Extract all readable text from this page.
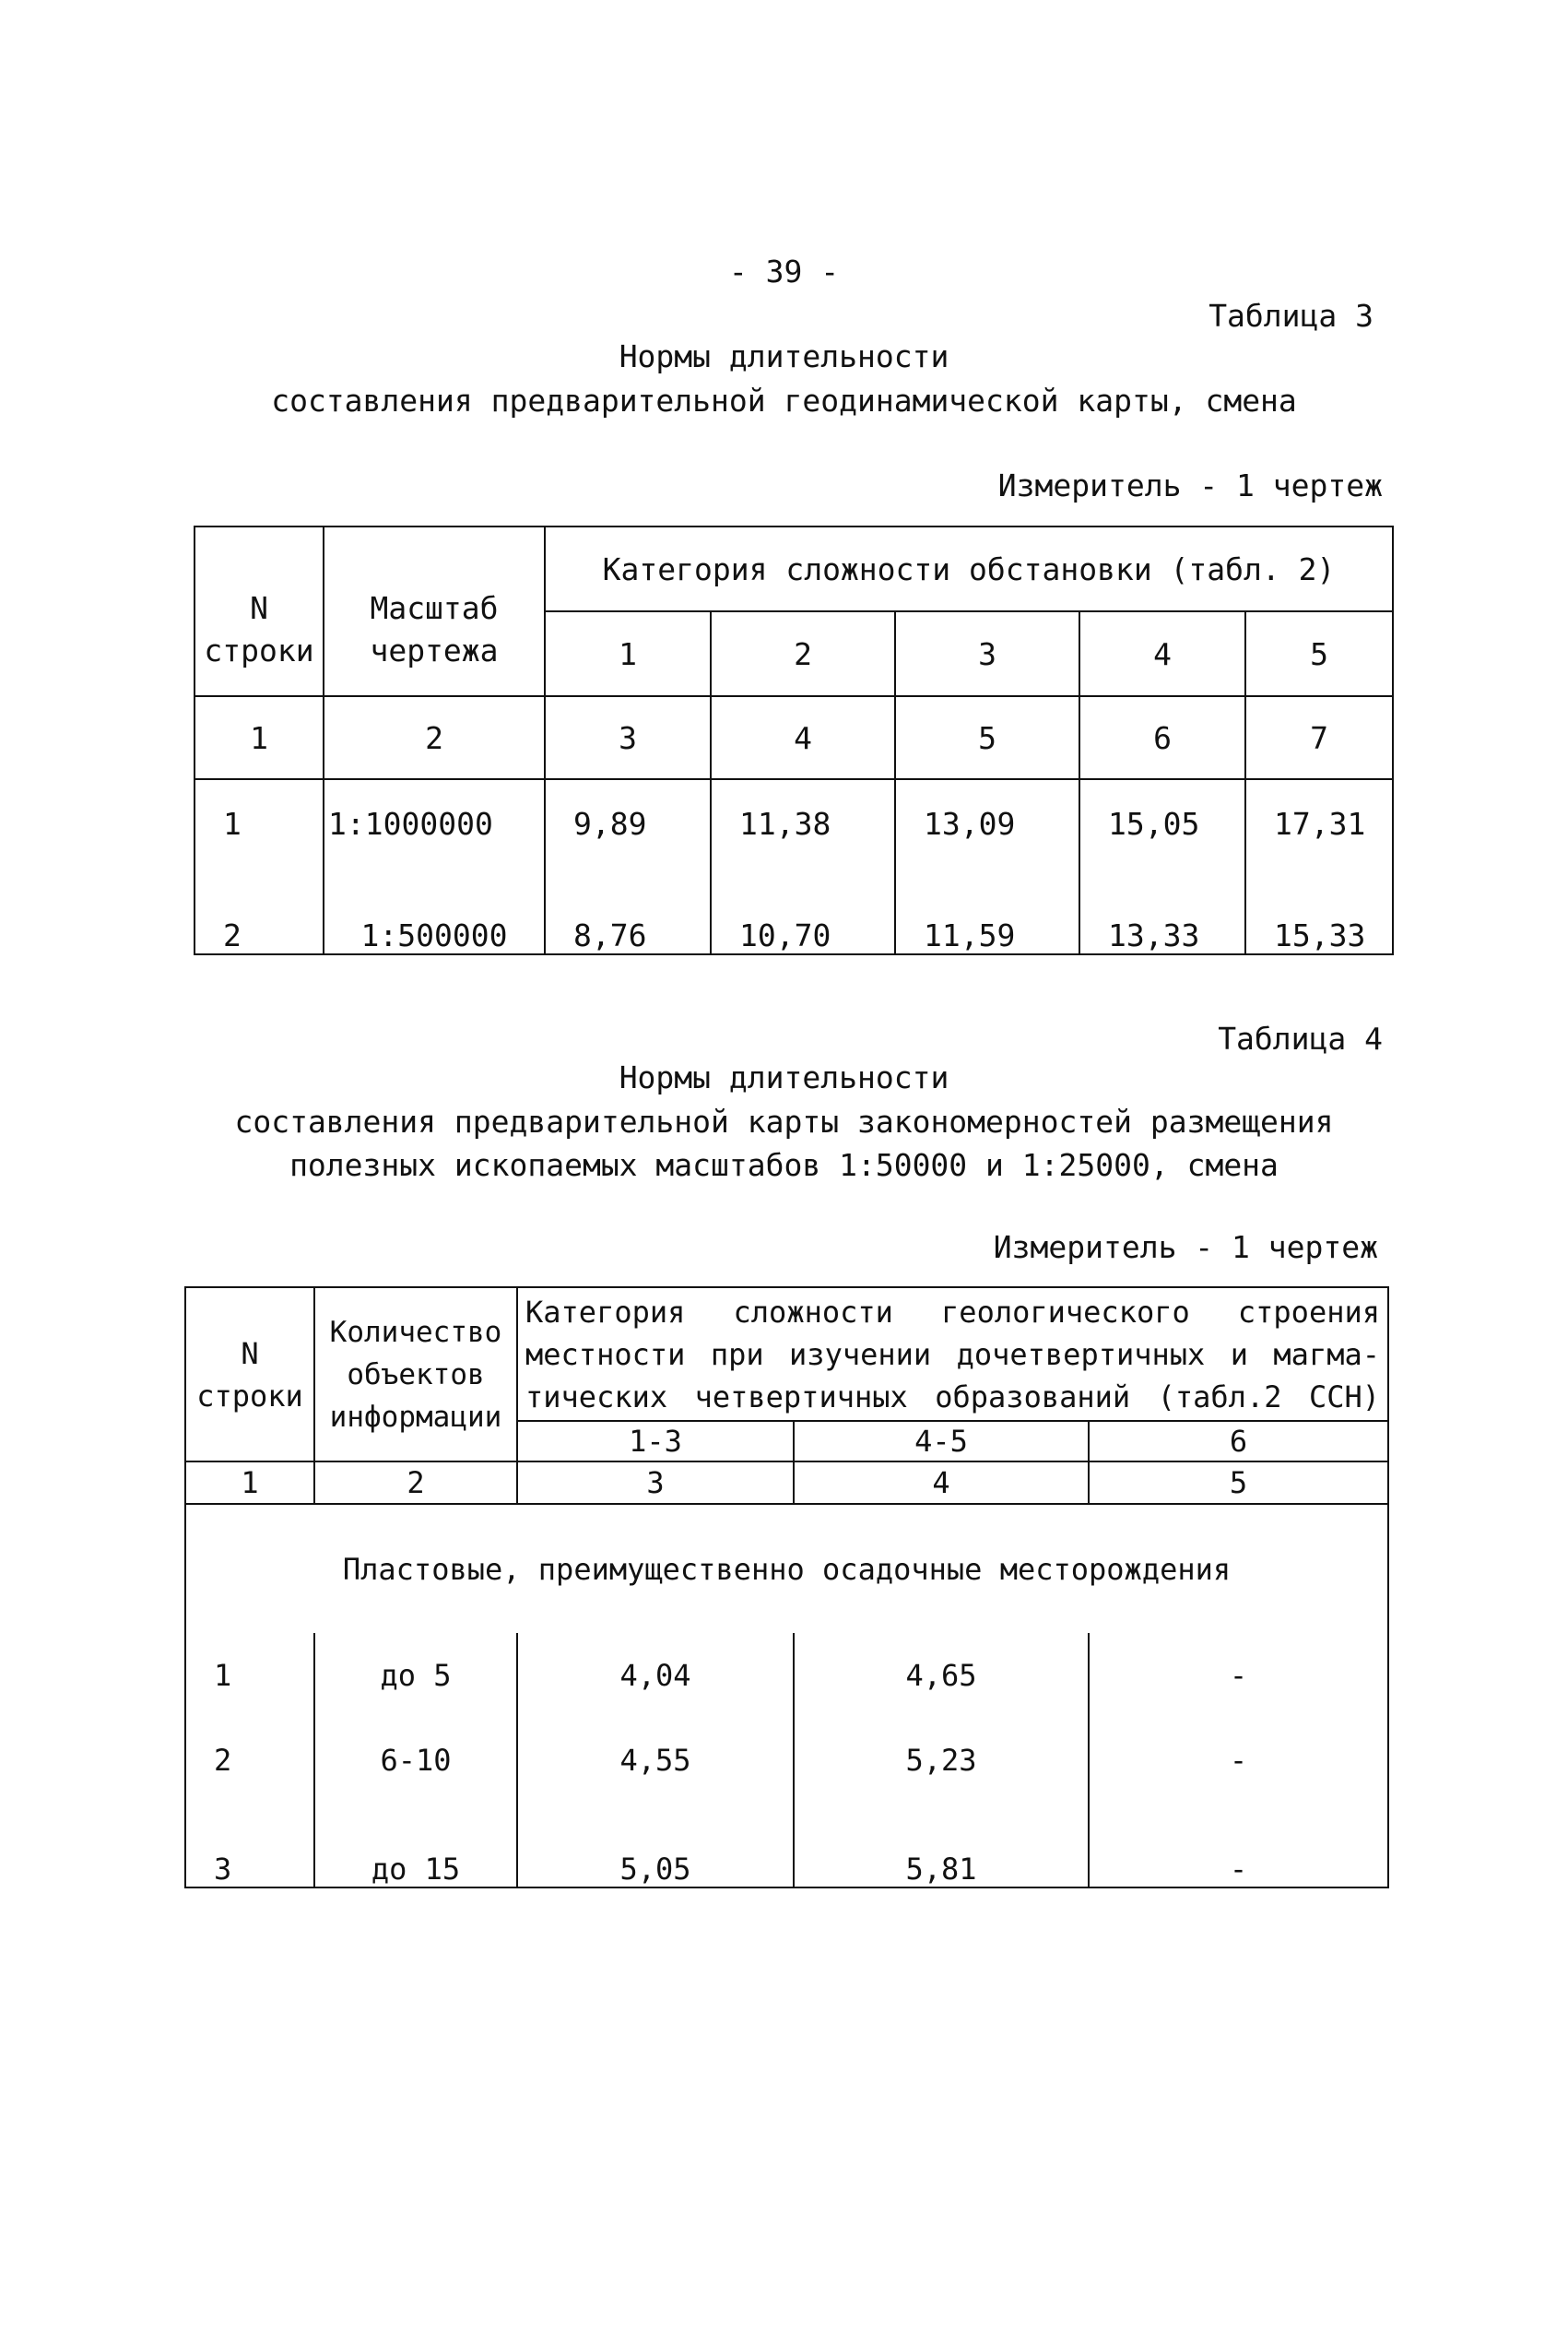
- 39 -
Таблица 3
Нормы длительности
составления предварительной геодинамической карты, смена
Измеритель - 1 чертеж
N строки	Масштаб чертежа	Категория сложности обстановки (табл. 2)				
		1	2	3	4	5
1	2	3	4	5	6	7
1	1:1000000	9,89	11,38	13,09	15,05	17,31
2	1:500000	8,76	10,70	11,59	13,33	15,33
Таблица 4
Нормы длительности
составления предварительной карты закономерностей размещения
полезных ископаемых масштабов 1:50000 и 1:25000, смена
Измеритель - 1 чертеж
N строки	Количество объектов информации	Категория сложности геологического строения местности при изучении дочетвертичных и магма- тических четвертичных образований (табл.2 ССН)		
		1-3	4-5	6
1	2	3	4	5
Пластовые, преимущественно осадочные месторождения				
1	до 5	4,04	4,65	-
2	6-10	4,55	5,23	-
3	до 15	5,05	5,81	-
